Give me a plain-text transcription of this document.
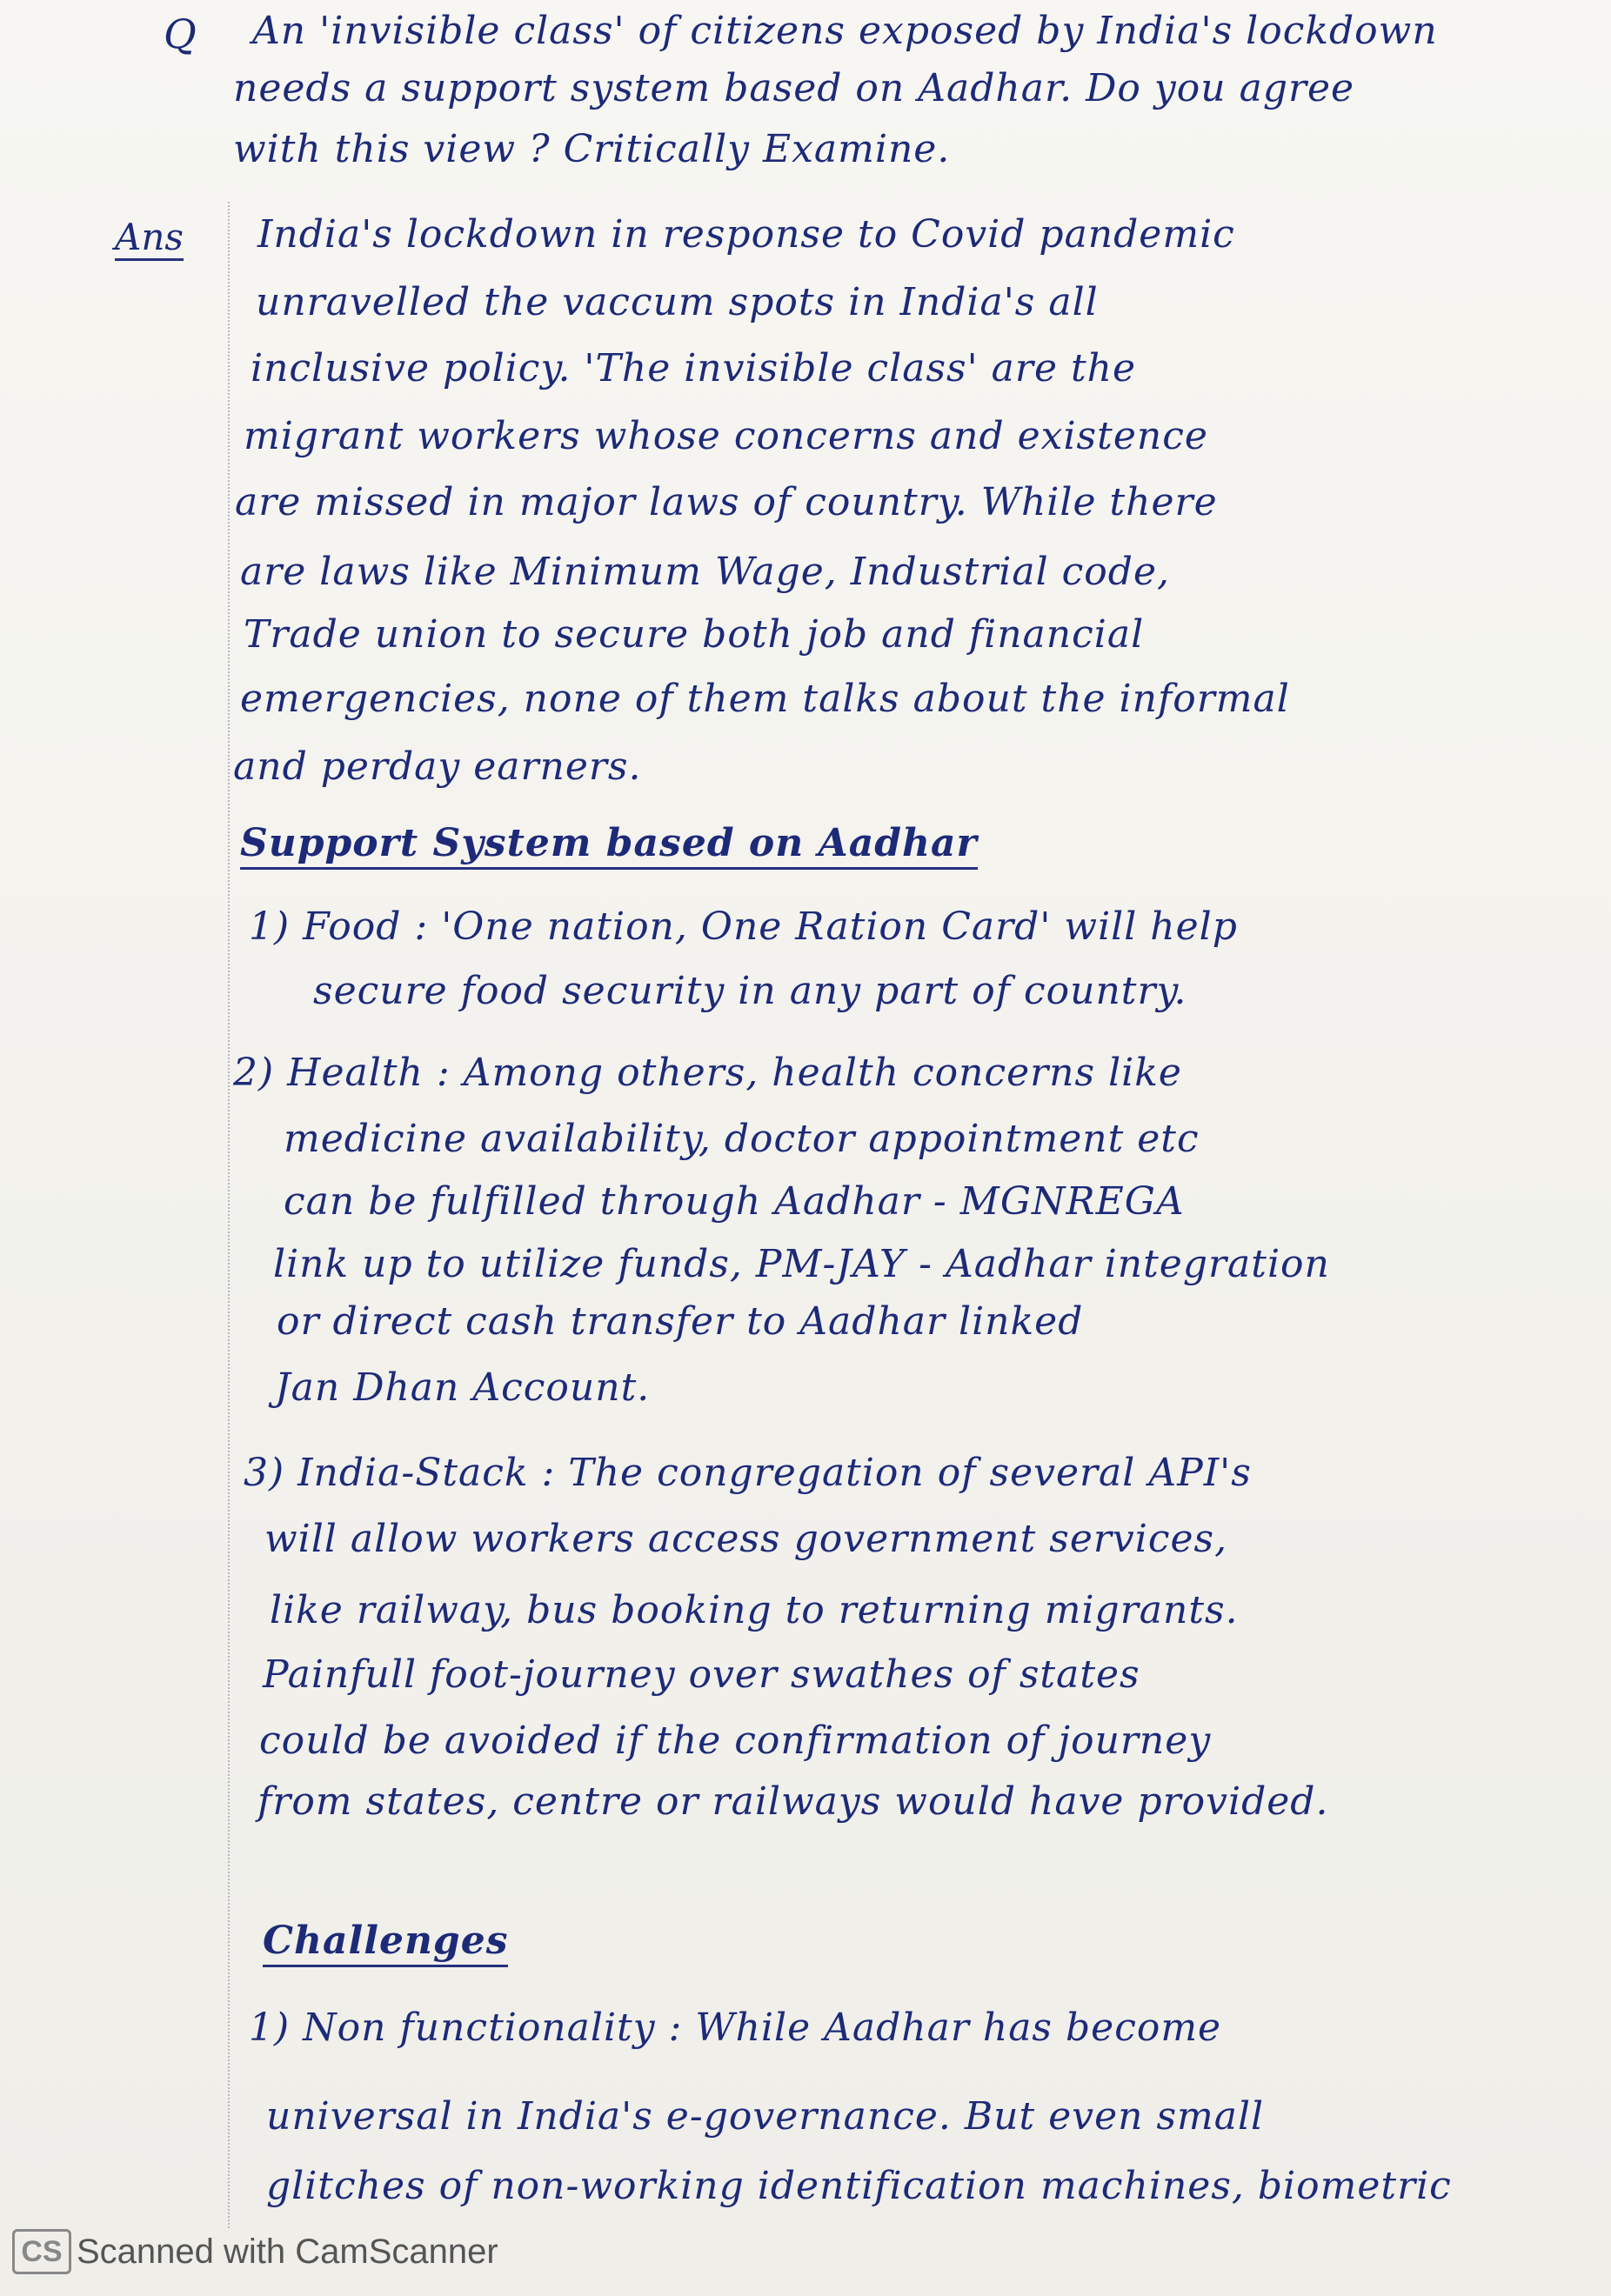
Q An 'invisible class' of citizens exposed by India's lockdown
needs a support system based on Aadhar. Do you agree
with this view ? Critically Examine.
Ans India's lockdown in response to Covid pandemic
unravelled the vaccum spots in India's all
inclusive policy. 'The invisible class' are the
migrant workers whose concerns and existence
are missed in major laws of country. While there
are laws like Minimum Wage, Industrial code,
Trade union to secure both job and financial
emergencies, none of them talks about the informal
and perday earners.
Support System based on Aadhar
1) Food : 'One nation, One Ration Card' will help
secure food security in any part of country.
2) Health : Among others, health concerns like
medicine availability, doctor appointment etc
can be fulfilled through Aadhar - MGNREGA
link up to utilize funds, PM-JAY - Aadhar integration
or direct cash transfer to Aadhar linked
Jan Dhan Account.
3) India-Stack : The congregation of several API's
will allow workers access government services,
like railway, bus booking to returning migrants.
Painfull foot-journey over swathes of states
could be avoided if the confirmation of journey
from states, centre or railways would have provided.
Challenges
1) Non functionality : While Aadhar has become
universal in India's e-governance. But even small
glitches of non-working identification machines, biometric
CS Scanned with CamScanner
